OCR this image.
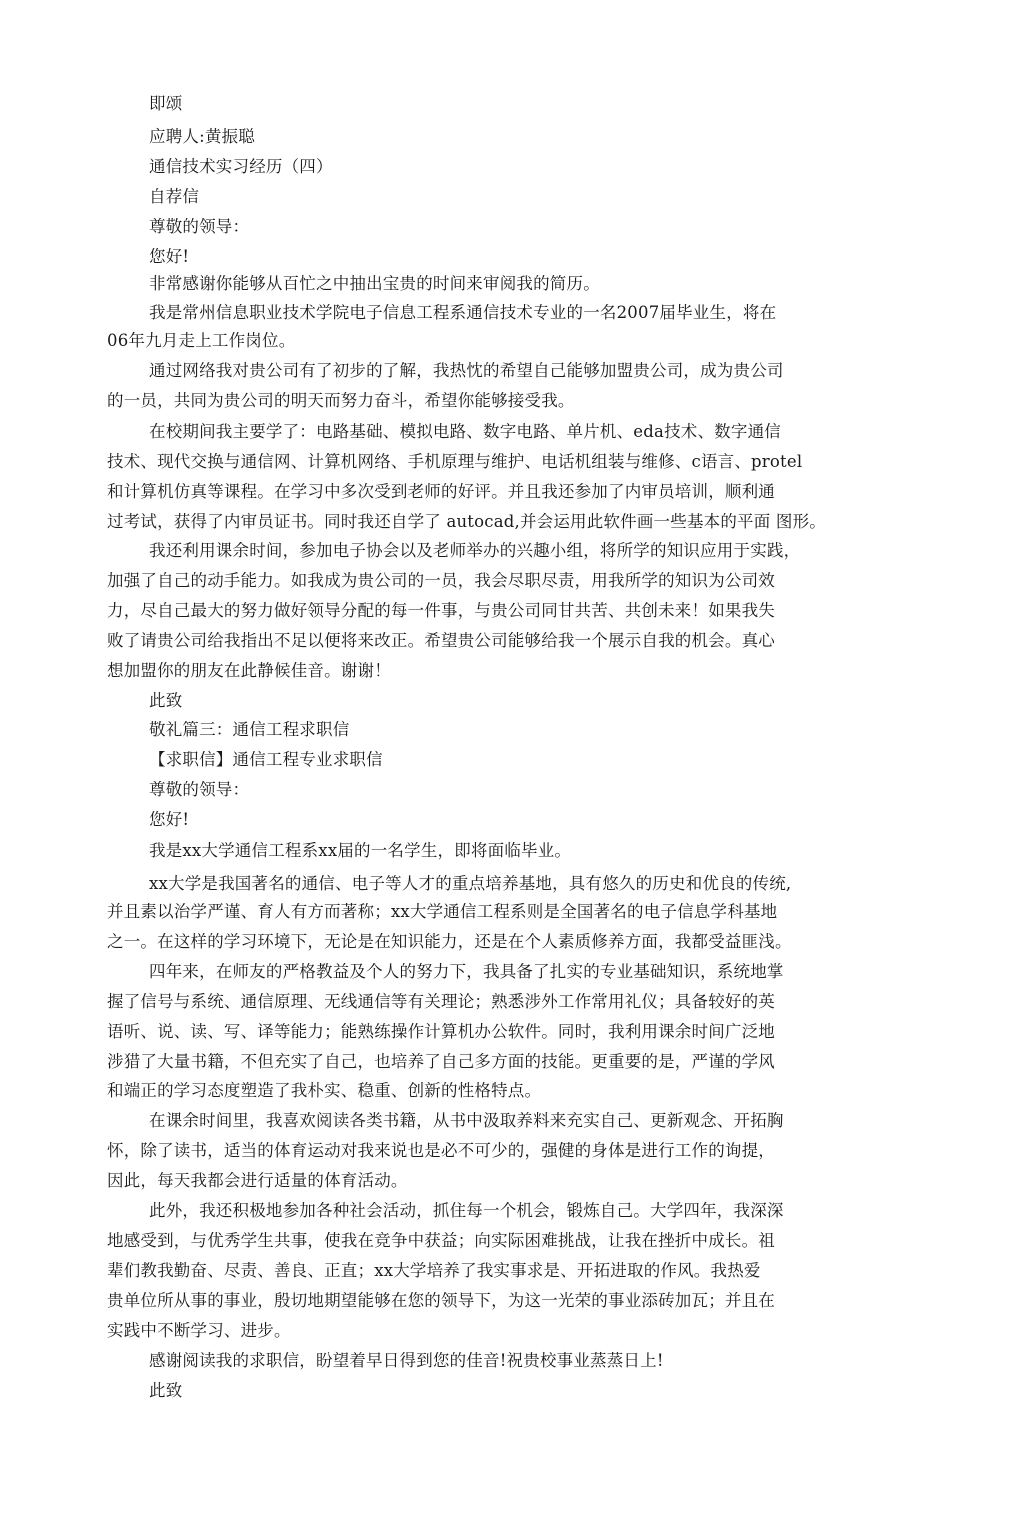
即颂
应聘人:黄振聪
通信技术实习经历（四）
自荐信
尊敬的领导：
您好!
非常感谢你能够从百忙之中抽出宝贵的时间来审阅我的简历。
我是常州信息职业技术学院电子信息工程系通信技术专业的一名2007届毕业生，将在
06年九月走上工作岗位。
通过网络我对贵公司有了初步的了解，我热忱的希望自己能够加盟贵公司，成为贵公司
的一员，共同为贵公司的明天而努力奋斗，希望你能够接受我。
在校期间我主要学了：电路基础、模拟电路、数字电路、单片机、eda技术、数字通信
技术、现代交换与通信网、计算机网络、手机原理与维护、电话机组装与维修、c语言、protel
和计算机仿真等课程。在学习中多次受到老师的好评。并且我还参加了内审员培训，顺利通
过考试，获得了内审员证书。同时我还自学了 autocad,并会运用此软件画一些基本的平面 图形。
我还利用课余时间，参加电子协会以及老师举办的兴趣小组，将所学的知识应用于实践，
加强了自己的动手能力。如我成为贵公司的一员，我会尽职尽责，用我所学的知识为公司效
力，尽自己最大的努力做好领导分配的每一件事，与贵公司同甘共苦、共创未来！如果我失
败了请贵公司给我指出不足以便将来改正。希望贵公司能够给我一个展示自我的机会。真心
想加盟你的朋友在此静候佳音。谢谢！
此致
敬礼篇三：通信工程求职信
【求职信】通信工程专业求职信
尊敬的领导：
您好!
我是xx大学通信工程系xx届的一名学生，即将面临毕业。
xx大学是我国著名的通信、电子等人才的重点培养基地，具有悠久的历史和优良的传统,
并且素以治学严谨、育人有方而著称；xx大学通信工程系则是全国著名的电子信息学科基地
之一。在这样的学习环境下，无论是在知识能力，还是在个人素质修养方面，我都受益匪浅。
四年来，在师友的严格教益及个人的努力下，我具备了扎实的专业基础知识，系统地掌
握了信号与系统、通信原理、无线通信等有关理论；熟悉涉外工作常用礼仪；具备较好的英
语听、说、读、写、译等能力；能熟练操作计算机办公软件。同时，我利用课余时间广泛地
涉猎了大量书籍，不但充实了自己，也培养了自己多方面的技能。更重要的是，严谨的学风
和端正的学习态度塑造了我朴实、稳重、创新的性格特点。
在课余时间里，我喜欢阅读各类书籍，从书中汲取养料来充实自己、更新观念、开拓胸
怀，除了读书，适当的体育运动对我来说也是必不可少的，强健的身体是进行工作的询提，
因此，每天我都会进行适量的体育活动。
此外，我还积极地参加各种社会活动，抓住每一个机会，锻炼自己。大学四年，我深深
地感受到，与优秀学生共事，使我在竞争中获益；向实际困难挑战，让我在挫折中成长。祖
辈们教我勤奋、尽责、善良、正直；xx大学培养了我实事求是、开拓进取的作风。我热爱
贵单位所从事的事业，殷切地期望能够在您的领导下，为这一光荣的事业添砖加瓦；并且在
实践中不断学习、进步。
感谢阅读我的求职信，盼望着早日得到您的佳音!祝贵校事业蒸蒸日上!
此致
